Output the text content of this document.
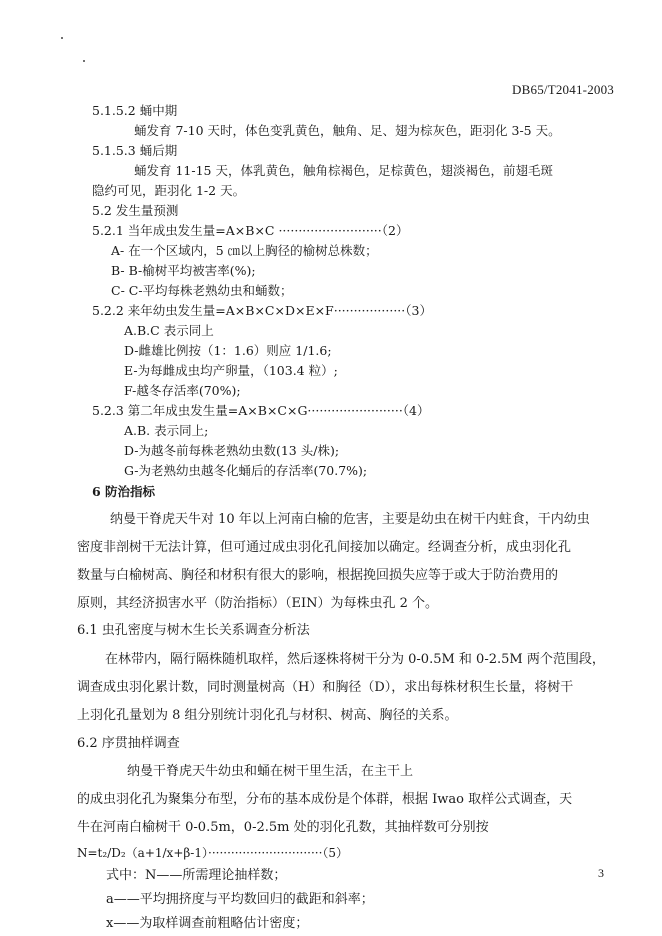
DB65/T2041-2003
5.1.5.2 蛹中期
蛹发育 7-10 天时，体色变乳黄色，触角、足、翅为棕灰色，距羽化 3-5 天。
5.1.5.3 蛹后期
蛹发育 11-15 天，体乳黄色，触角棕褐色，足棕黄色，翅淡褐色，前翅毛斑
隐约可见，距羽化 1-2 天。
5.2 发生量预测
5.2.1 当年成虫发生量=A×B×C ··························（2）
A- 在一个区域内，5 ㎝以上胸径的榆树总株数；
B- B-榆树平均被害率(%);
C- C-平均每株老熟幼虫和蛹数；
5.2.2 来年幼虫发生量=A×B×C×D×E×F··················（3）
A.B.C 表示同上
D-雌雄比例按（1：1.6）则应 1/1.6;
E-为每雌成虫均产卵量，（103.4 粒）;
F-越冬存活率(70%);
5.2.3 第二年成虫发生量=A×B×C×G························（4）
A.B. 表示同上;
D-为越冬前每株老熟幼虫数(13 头/株);
G-为老熟幼虫越冬化蛹后的存活率(70.7%);
6 防治指标
纳曼干脊虎天牛对 10 年以上河南白榆的危害，主要是幼虫在树干内蛀食，干内幼虫
密度非剖树干无法计算，但可通过成虫羽化孔间接加以确定。经调查分析，成虫羽化孔
数量与白榆树高、胸径和材积有很大的影响，根据挽回损失应等于或大于防治费用的
原则，其经济损害水平（防治指标）（EIN）为每株虫孔 2 个。
6.1 虫孔密度与树木生长关系调查分析法
在林带内，隔行隔株随机取样，然后逐株将树干分为 0-0.5M 和 0-2.5M 两个范围段，
调查成虫羽化累计数，同时测量树高（H）和胸径（D），求出每株材积生长量，将树干
上羽化孔量划为 8 组分别统计羽化孔与材积、树高、胸径的关系。
6.2 序贯抽样调查
纳曼干脊虎天牛幼虫和蛹在树干里生活，在主干上
的成虫羽化孔为聚集分布型，分布的基本成份是个体群，根据 Iwao 取样公式调查，天
牛在河南白榆树干 0-0.5m，0-2.5m 处的羽化孔数，其抽样数可分别按
N=t₂/D₂（a+1/x+β-1）······························（5）
式中：N——所需理论抽样数；
a——平均拥挤度与平均数回归的截距和斜率；
x——为取样调查前粗略估计密度；
3
